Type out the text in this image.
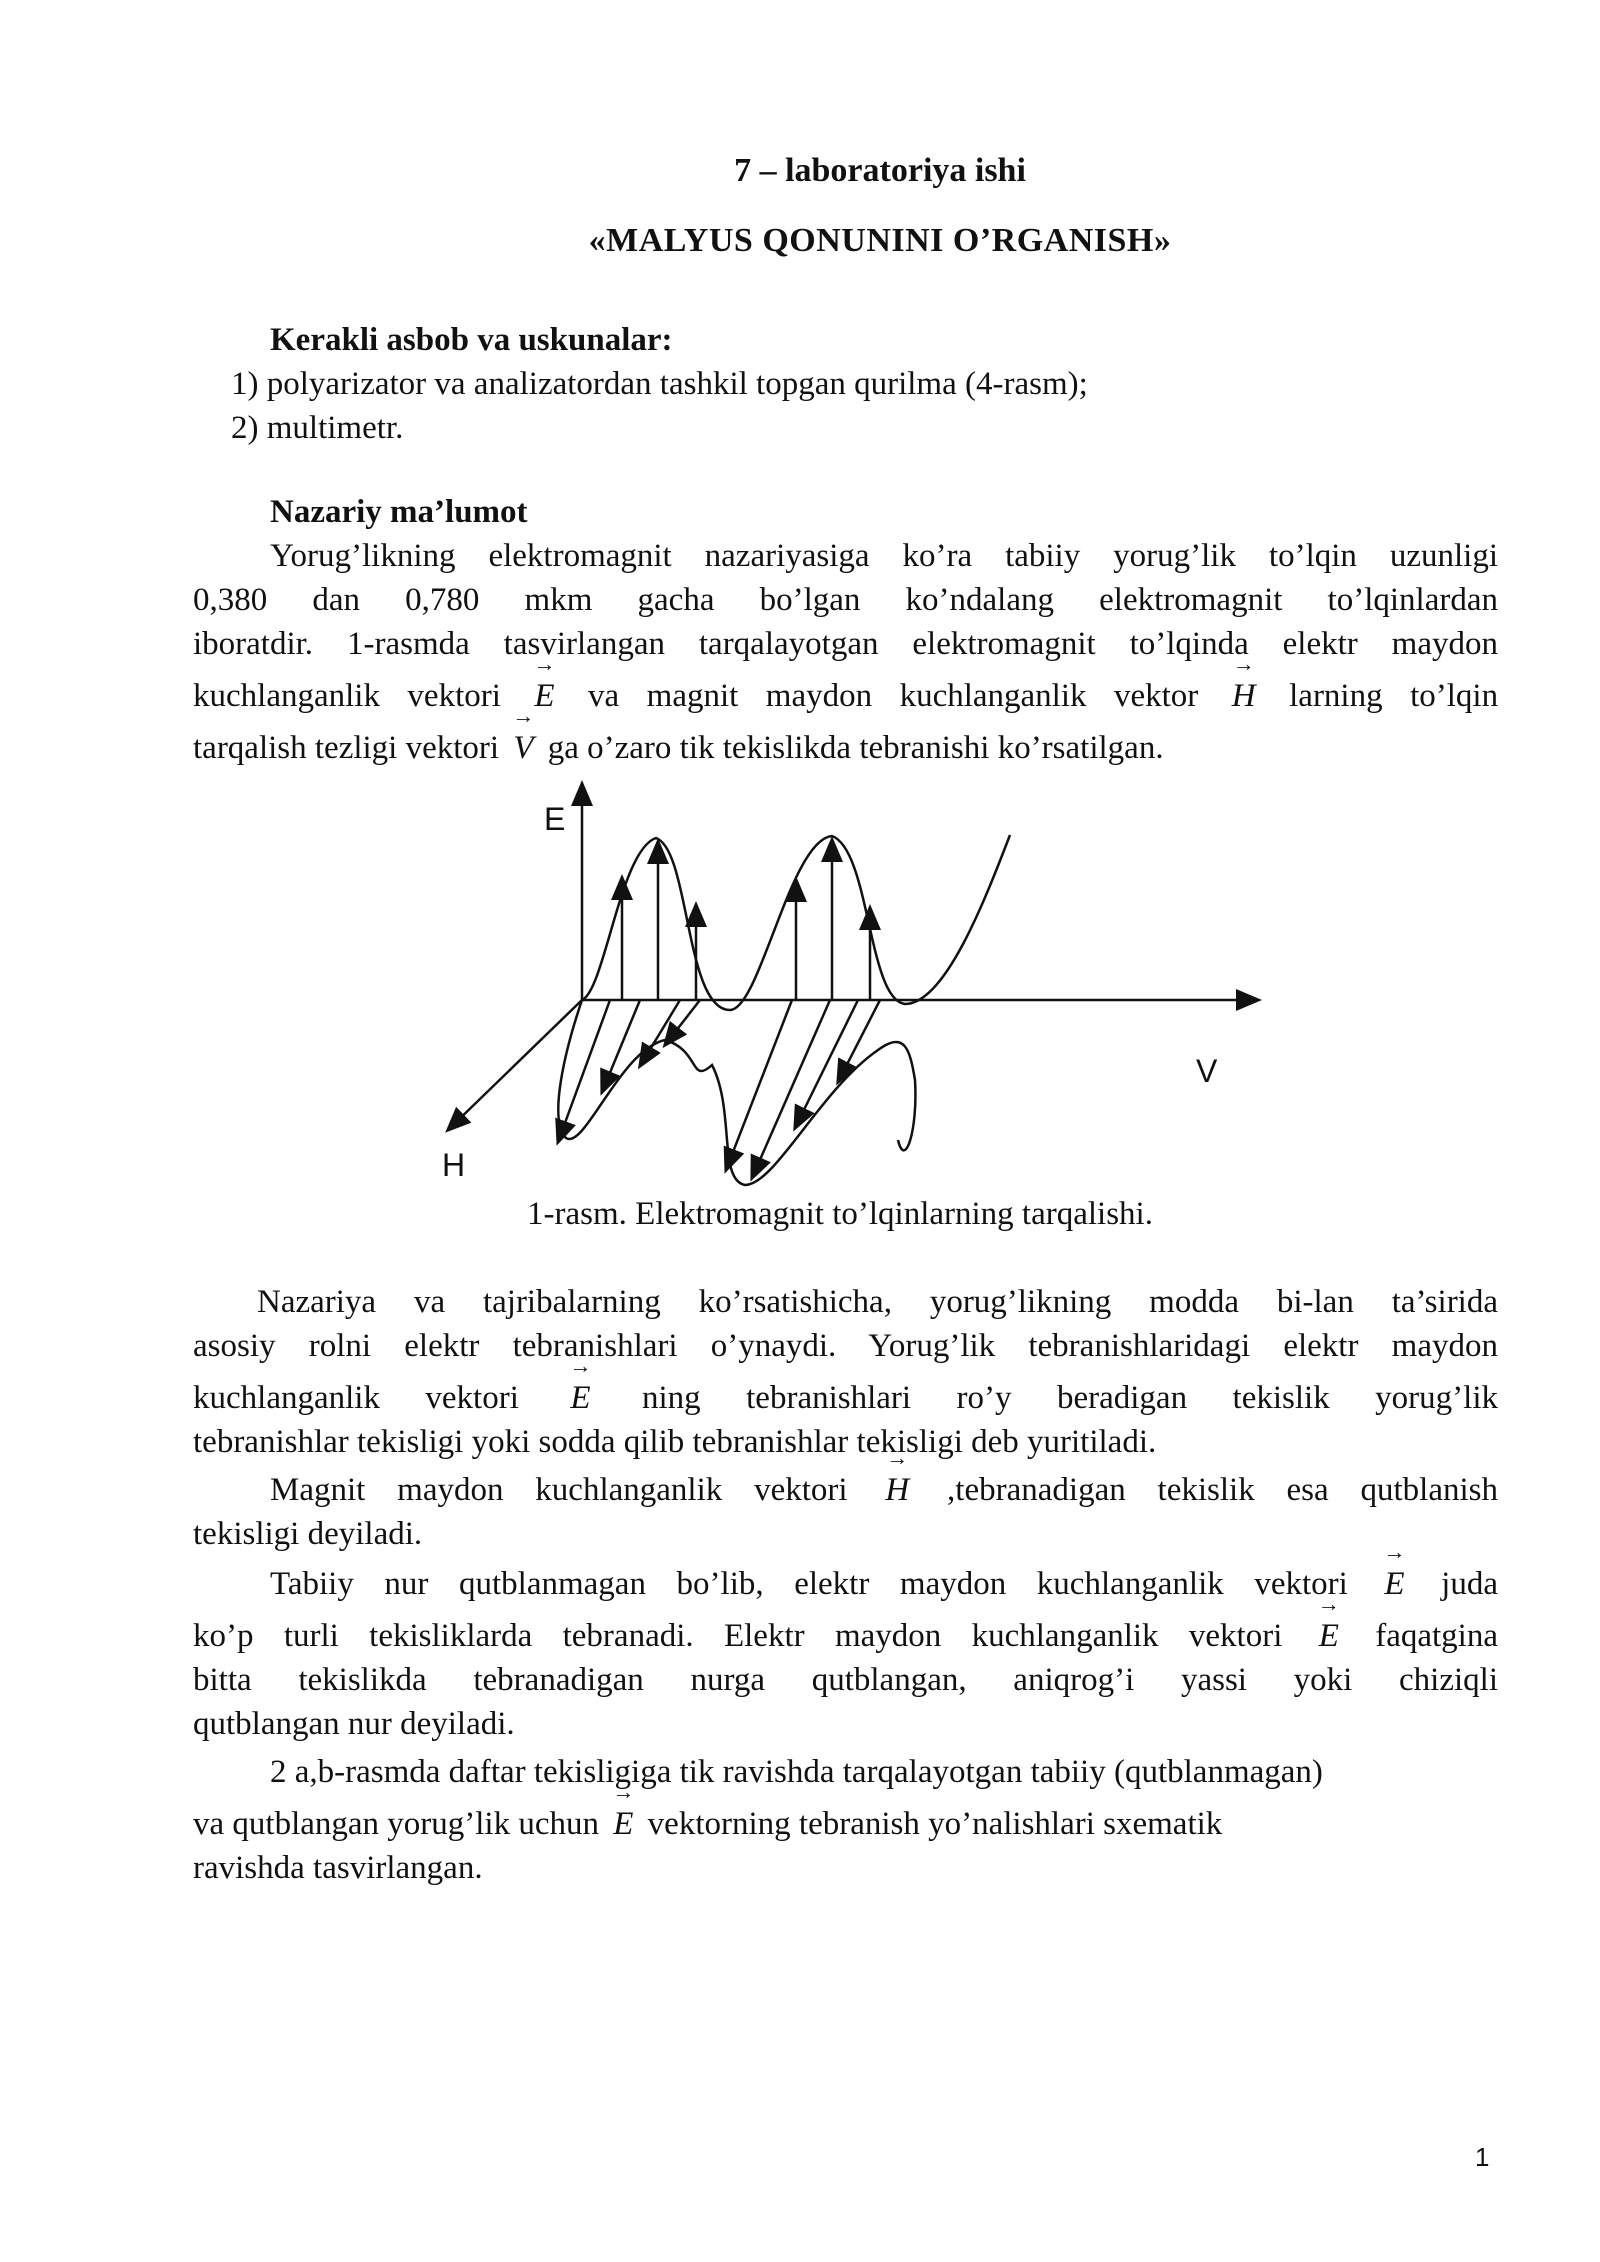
7 – laboratoriya ishi
«MALYUS QONUNINI O’RGANISH»
Kerakli asbob va uskunalar:
1) polyarizator va analizatordan tashkil topgan qurilma (4-rasm);
2) multimetr.
Nazariy ma’lumot
Yorug’likning elektromagnit nazariyasiga ko’ra tabiiy yorug’lik to’lqin uzunligi
0,380 dan 0,780 mkm gacha bo’lgan ko’ndalang elektromagnit to’lqinlardan
iboratdir. 1-rasmda tasvirlangan tarqalayotgan elektromagnit to’lqinda elektr maydon
kuchlanganlik vektori → E va magnit maydon kuchlanganlik vektor → H larning to’lqin
tarqalish tezligi vektori → V ga o’zaro tik tekislikda tebranishi ko’rsatilgan.
E
V
H
1-rasm. Elektromagnit to’lqinlarning tarqalishi.
Nazariya va tajribalarning ko’rsatishicha, yorug’likning modda bi-lan ta’sirida
asosiy rolni elektr tebranishlari o’ynaydi. Yorug’lik tebranishlaridagi elektr maydon
kuchlanganlik vektori → E ning tebranishlari ro’y beradigan tekislik yorug’lik
tebranishlar tekisligi yoki sodda qilib tebranishlar tekisligi deb yuritiladi.
Magnit maydon kuchlanganlik vektori → H ,tebranadigan tekislik esa qutblanish
tekisligi deyiladi.
Tabiiy nur qutblanmagan bo’lib, elektr maydon kuchlanganlik vektori → E juda
ko’p turli tekisliklarda tebranadi. Elektr maydon kuchlanganlik vektori → E faqatgina
bitta tekislikda tebranadigan nurga qutblangan, aniqrog’i yassi yoki chiziqli
qutblangan nur deyiladi.
2 a,b-rasmda daftar tekisligiga tik ravishda tarqalayotgan tabiiy (qutblanmagan)
va qutblangan yorug’lik uchun → E vektorning tebranish yo’nalishlari sxematik
ravishda tasvirlangan.
1
